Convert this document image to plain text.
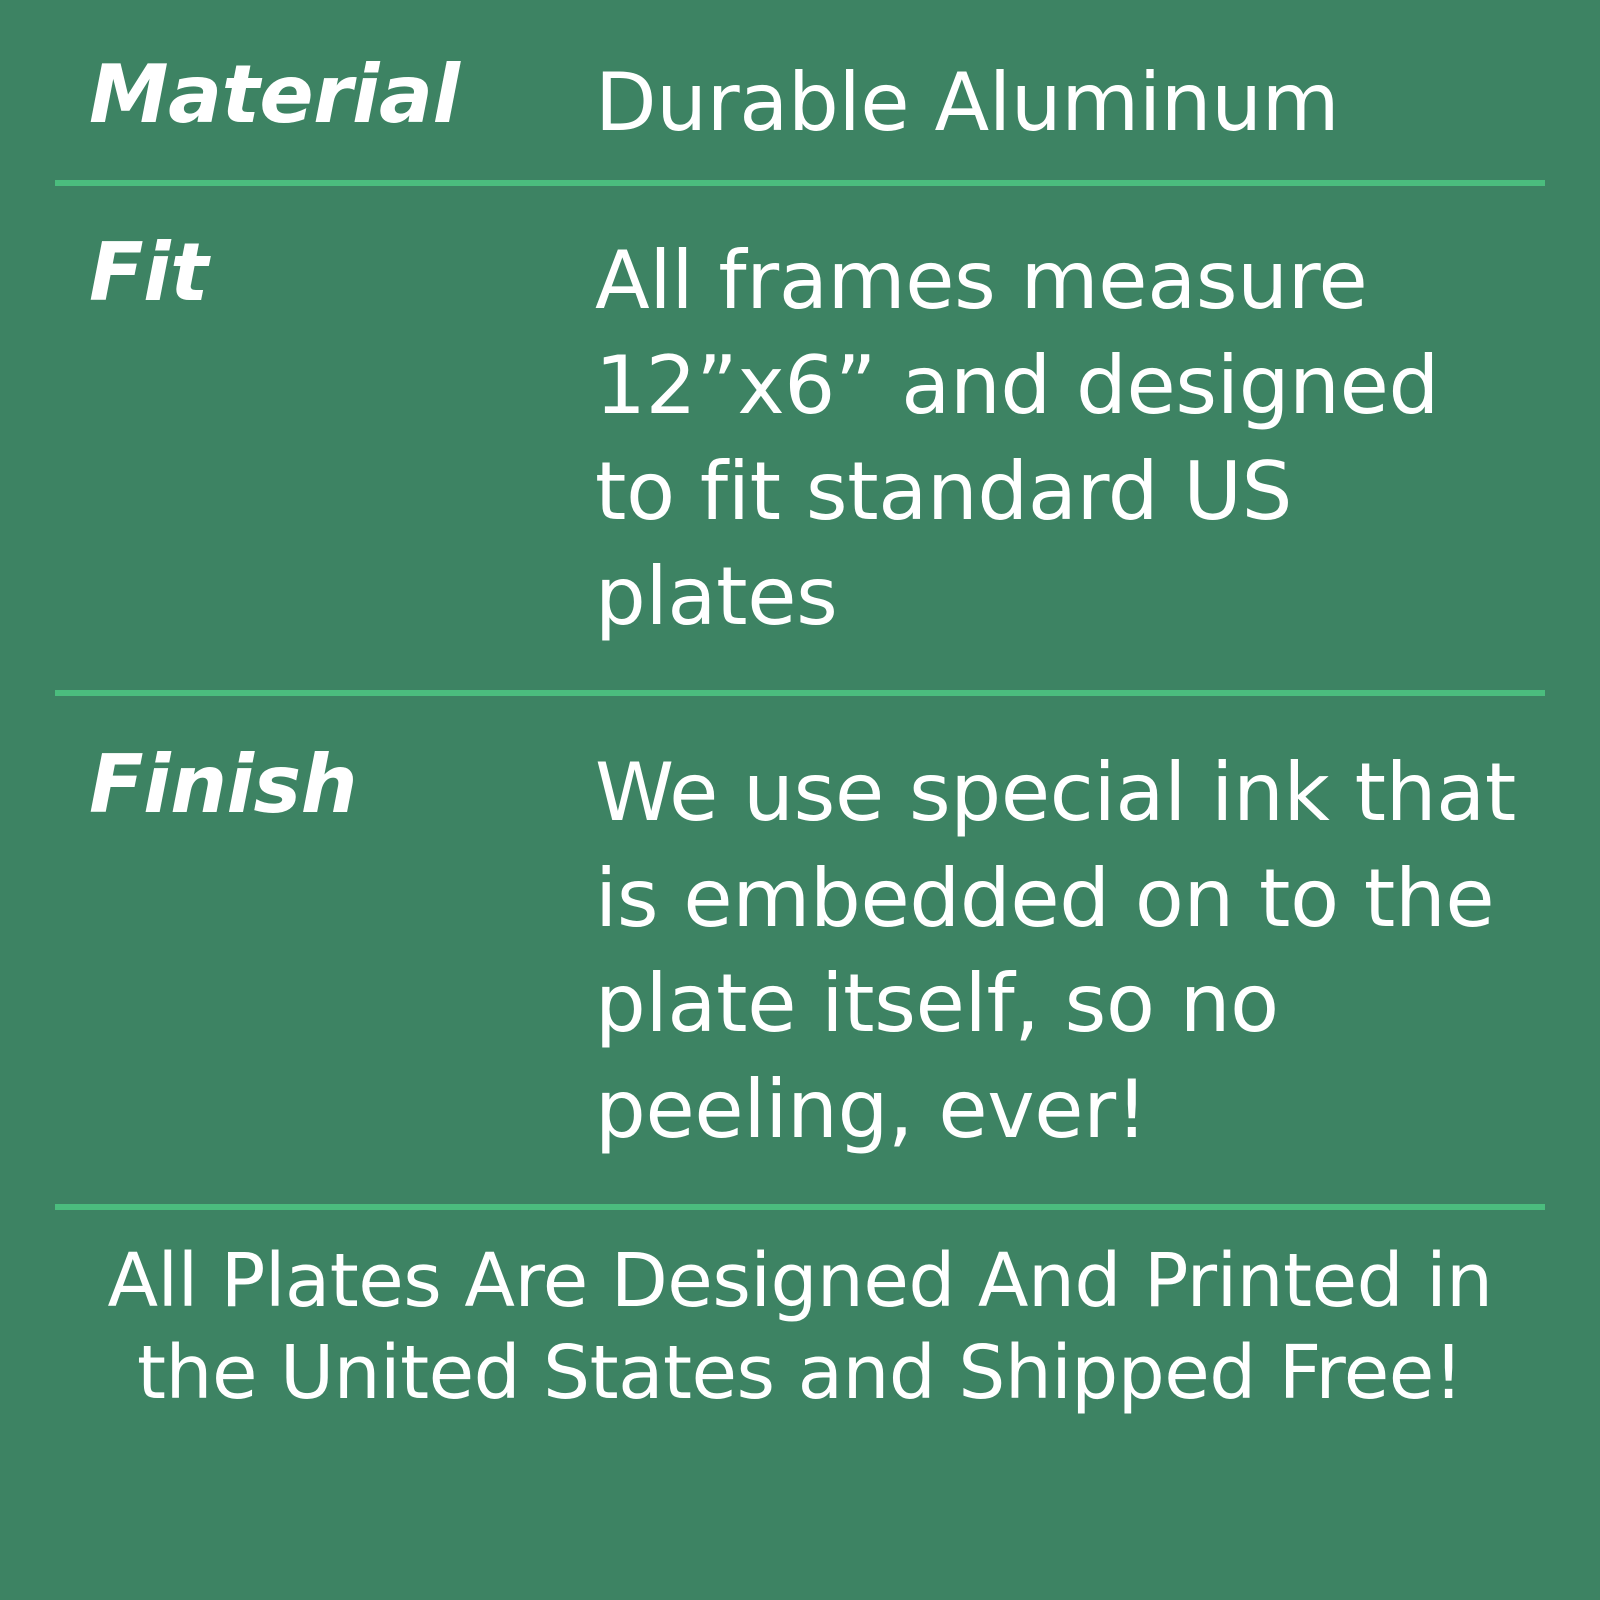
Material	Durable Aluminum
Fit	All frames measure 12”x6” and designed to fit standard US plates
Finish	We use special ink that is embedded on to the plate itself, so no peeling, ever!
All Plates Are Designed And Printed in the United States and Shipped Free!
